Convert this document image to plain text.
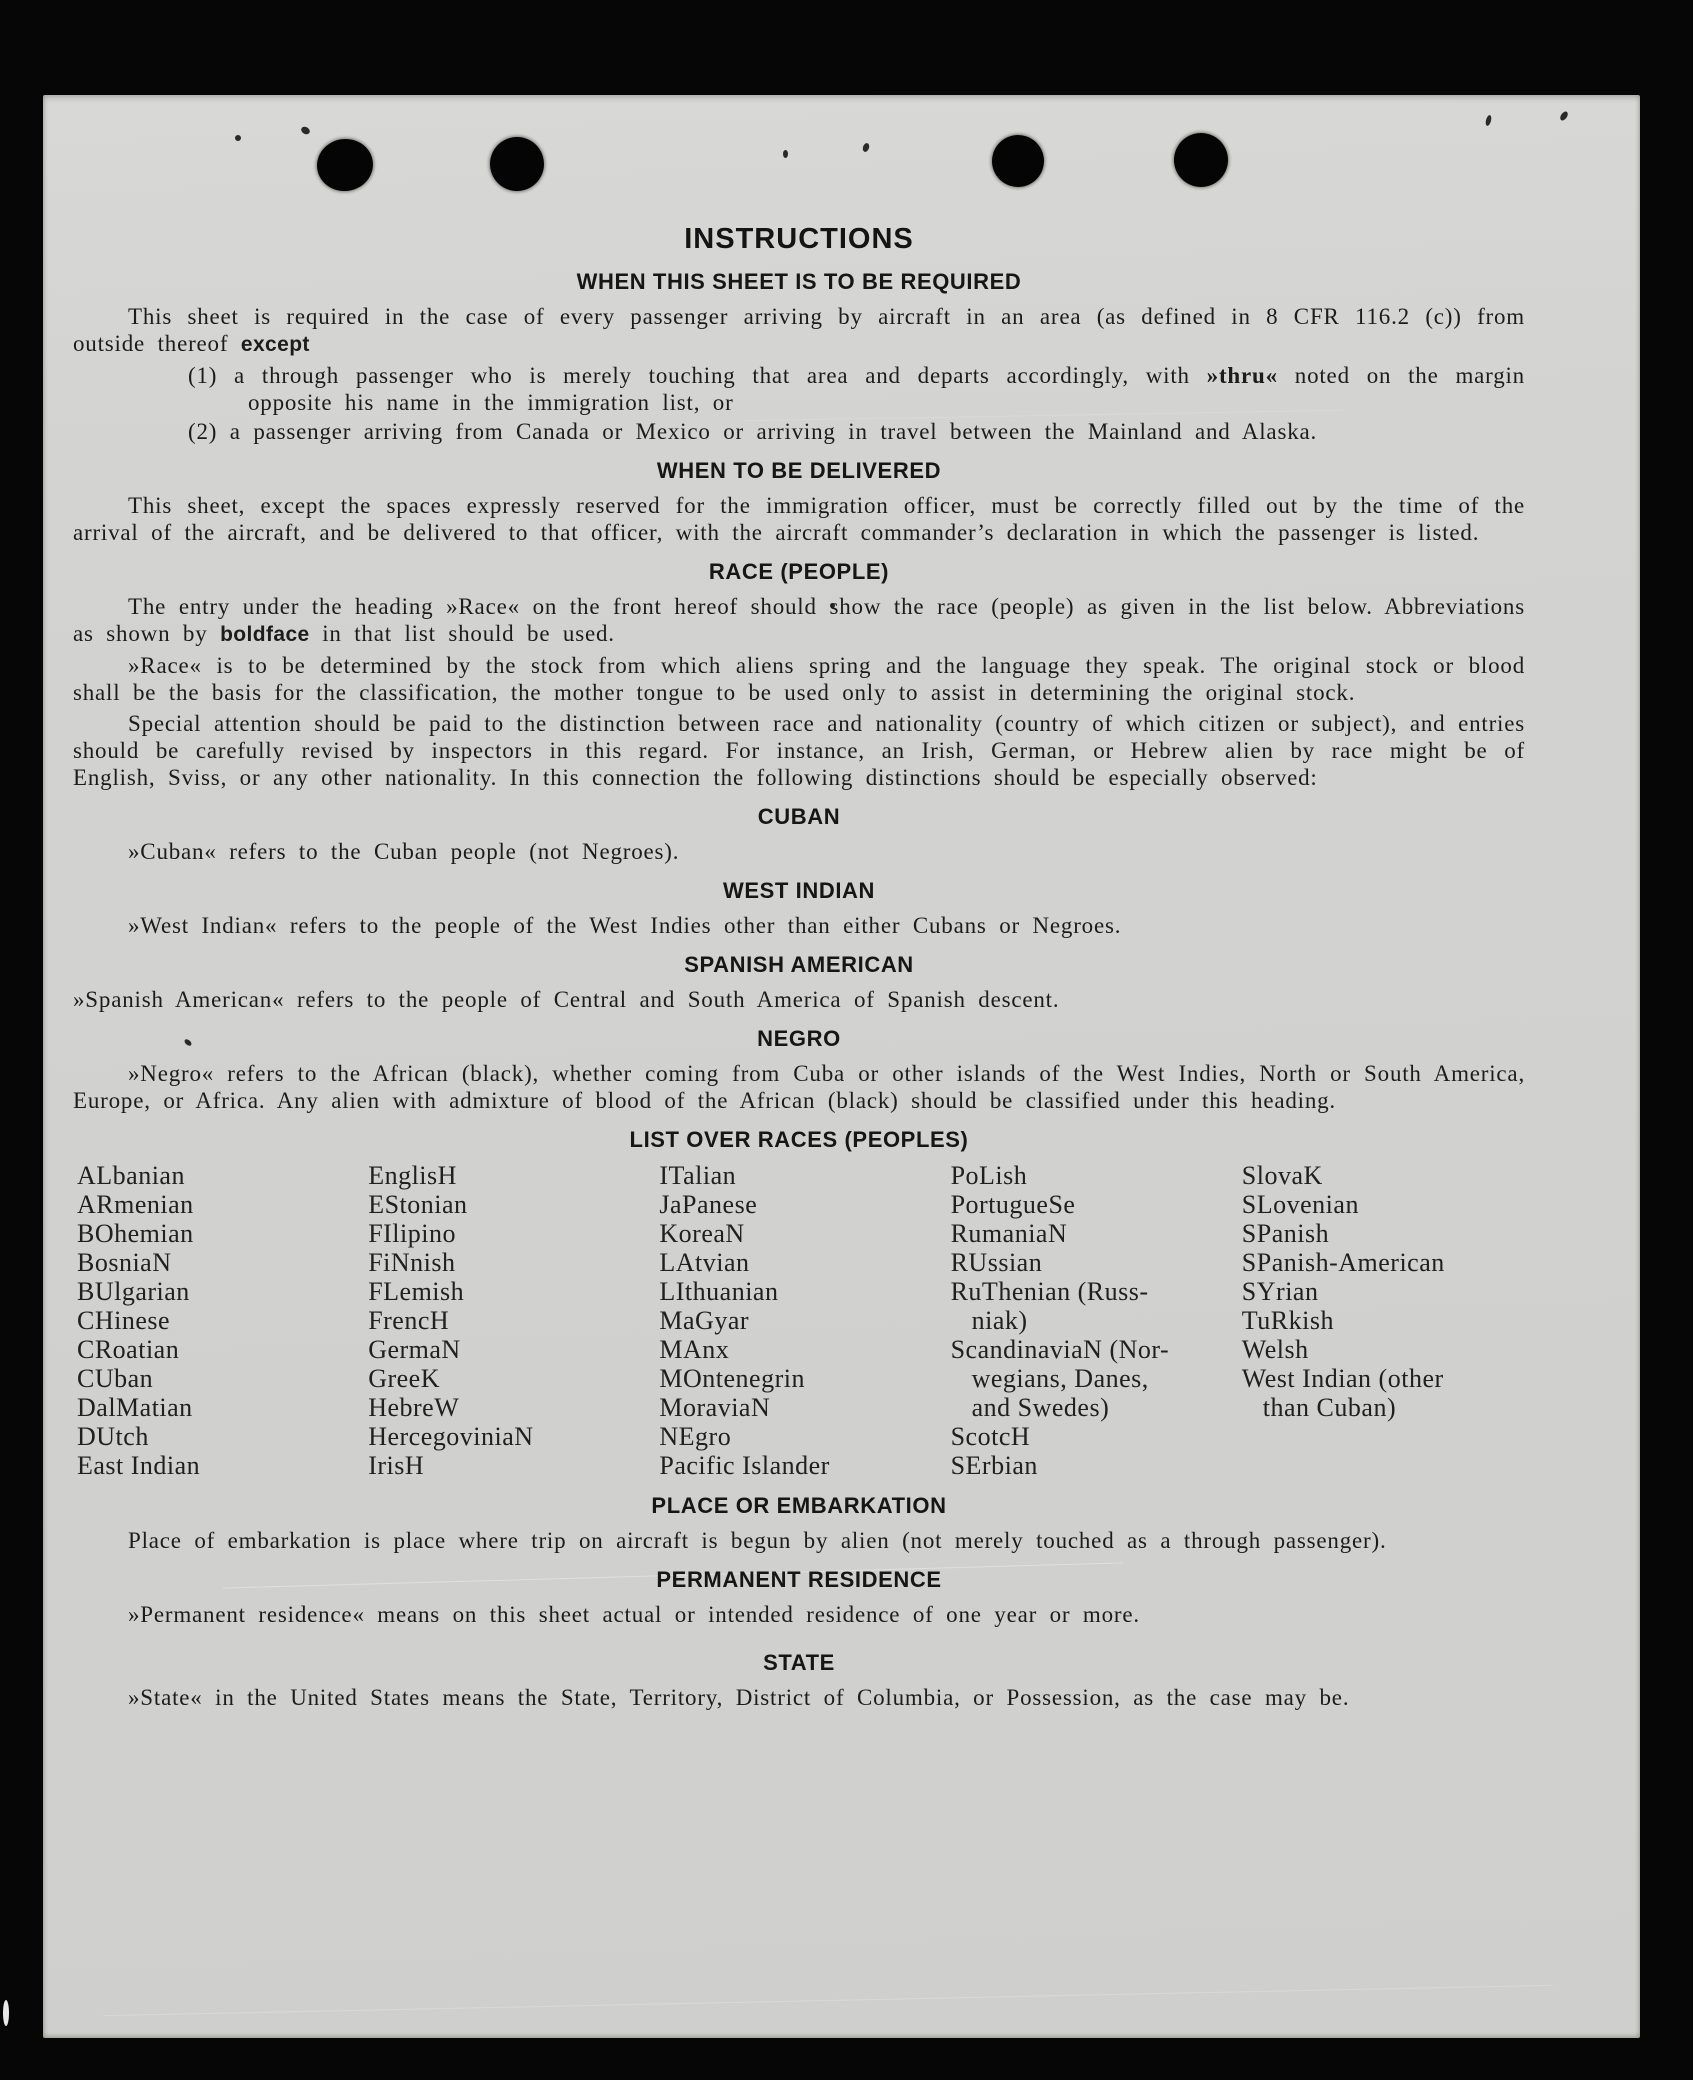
INSTRUCTIONS
WHEN THIS SHEET IS TO BE REQUIRED

This sheet is required in the case of every passenger arriving by aircraft in an area (as defined in 8 CFR 116.2 (c)) from outside thereof except

(1) a through passenger who is merely touching that area and departs accordingly, with »thru« noted on the margin opposite his name in the immigration list, or

(2) a passenger arriving from Canada or Mexico or arriving in travel between the Mainland and Alaska.

WHEN TO BE DELIVERED

This sheet, except the spaces expressly reserved for the immigration officer, must be correctly filled out by the time of the arrival of the aircraft, and be delivered to that officer, with the aircraft commander’s declaration in which the passenger is listed.

RACE (PEOPLE)

The entry under the heading »Race« on the front hereof should show the race (people) as given in the list below. Abbreviations as shown by boldface in that list should be used.

»Race« is to be determined by the stock from which aliens spring and the language they speak. The original stock or blood shall be the basis for the classification, the mother tongue to be used only to assist in determining the original stock.

Special attention should be paid to the distinction between race and nationality (country of which citizen or subject), and entries should be carefully revised by inspectors in this regard. For instance, an Irish, German, or Hebrew alien by race might be of English, Sviss, or any other nationality. In this connection the following distinctions should be especially observed:

CUBAN

»Cuban« refers to the Cuban people (not Negroes).

WEST INDIAN

»West Indian« refers to the people of the West Indies other than either Cubans or Negroes.

SPANISH AMERICAN

»Spanish American« refers to the people of Central and South America of Spanish descent.

NEGRO

»Negro« refers to the African (black), whether coming from Cuba or other islands of the West Indies, North or South America, Europe, or Africa. Any alien with admixture of blood of the African (black) should be classified under this heading.

LIST OVER RACES (PEOPLES)
ALbanian
ARmenian
BOhemian
BosniaN
BUlgarian
CHinese
CRoatian
CUban
DalMatian
DUtch
East Indian
EnglisH
EStonian
FIlipino
FiNnish
FLemish
FrencH
GermaN
GreeK
HebreW
HercegoviniaN
IrisH
ITalian
JaPanese
KoreaN
LAtvian
LIthuanian
MaGyar
MAnx
MOntenegrin
MoraviaN
NEgro
Pacific Islander
PoLish
PortugueSe
RumaniaN
RUssian
RuThenian (Russ-
niak)
ScandinaviaN (Nor-
wegians, Danes,
and Swedes)
ScotcH
SErbian
SlovaK
SLovenian
SPanish
SPanish-American
SYrian
TuRkish
Welsh
West Indian (other
than Cuban)
PLACE OR EMBARKATION

Place of embarkation is place where trip on aircraft is begun by alien (not merely touched as a through passenger).

PERMANENT RESIDENCE

»Permanent residence« means on this sheet actual or intended residence of one year or more.

STATE

»State« in the United States means the State, Territory, District of Columbia, or Possession, as the case may be.
